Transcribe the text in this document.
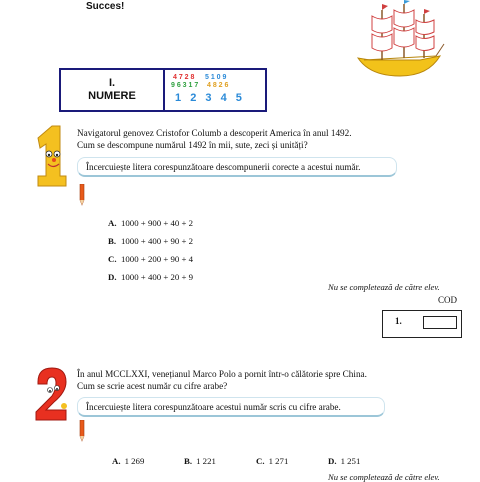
Succes!
I.
NUMERE
4 7 2 8 5 1 0 9
9 6 3 1 7 4 8 2 6
1 2 3 4 5
Navigatorul genovez Cristofor Columb a descoperit America în anul 1492.
Cum se descompune numărul 1492 în mii, sute, zeci și unități?
Încercuiește litera corespunzătoare descompunerii corecte a acestui număr.
A. 1000 + 900 + 40 + 2
B. 1000 + 400 + 90 + 2
C. 1000 + 200 + 90 + 4
D. 1000 + 400 + 20 + 9
Nu se completează de către elev.
COD
1.
În anul MCCLXXI, venețianul Marco Polo a pornit într-o călătorie spre China.
Cum se scrie acest număr cu cifre arabe?
Încercuiește litera corespunzătoare acestui număr scris cu cifre arabe.
A. 1 269	B. 1 221	C. 1 271	D. 1 251
Nu se completează de către elev.
